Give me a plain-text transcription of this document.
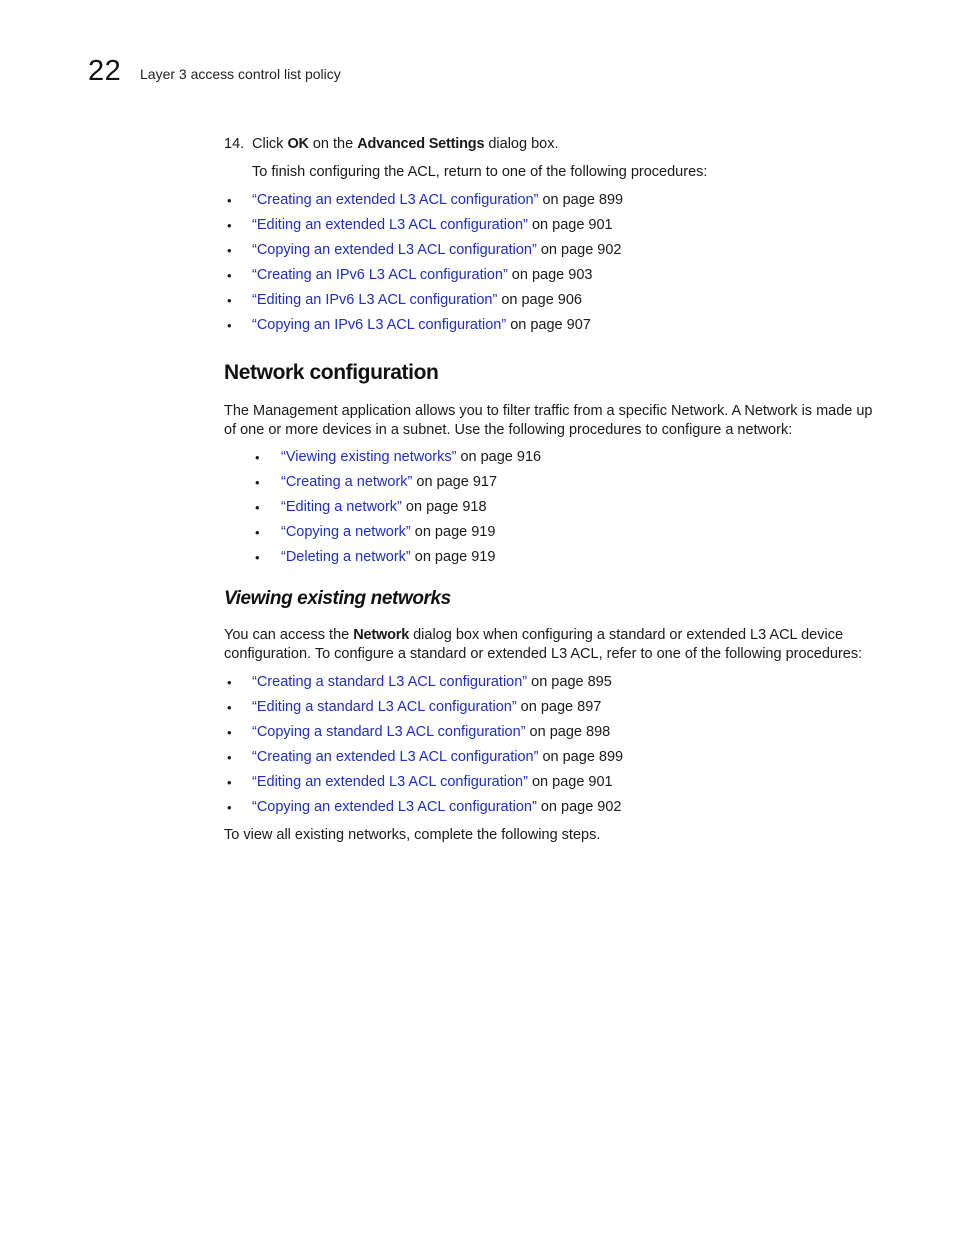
22 Layer 3 access control list policy
14. Click OK on the Advanced Settings dialog box.
To finish configuring the ACL, return to one of the following procedures:
• “Creating an extended L3 ACL configuration” on page 899
• “Editing an extended L3 ACL configuration” on page 901
• “Copying an extended L3 ACL configuration” on page 902
• “Creating an IPv6 L3 ACL configuration” on page 903
• “Editing an IPv6 L3 ACL configuration” on page 906
• “Copying an IPv6 L3 ACL configuration” on page 907
Network configuration
The Management application allows you to filter traffic from a specific Network. A Network is made up of one or more devices in a subnet. Use the following procedures to configure a network:
• “Viewing existing networks” on page 916
• “Creating a network” on page 917
• “Editing a network” on page 918
• “Copying a network” on page 919
• “Deleting a network” on page 919
Viewing existing networks
You can access the Network dialog box when configuring a standard or extended L3 ACL device configuration. To configure a standard or extended L3 ACL, refer to one of the following procedures:
• “Creating a standard L3 ACL configuration” on page 895
• “Editing a standard L3 ACL configuration” on page 897
• “Copying a standard L3 ACL configuration” on page 898
• “Creating an extended L3 ACL configuration” on page 899
• “Editing an extended L3 ACL configuration” on page 901
• “Copying an extended L3 ACL configuration” on page 902
To view all existing networks, complete the following steps.
